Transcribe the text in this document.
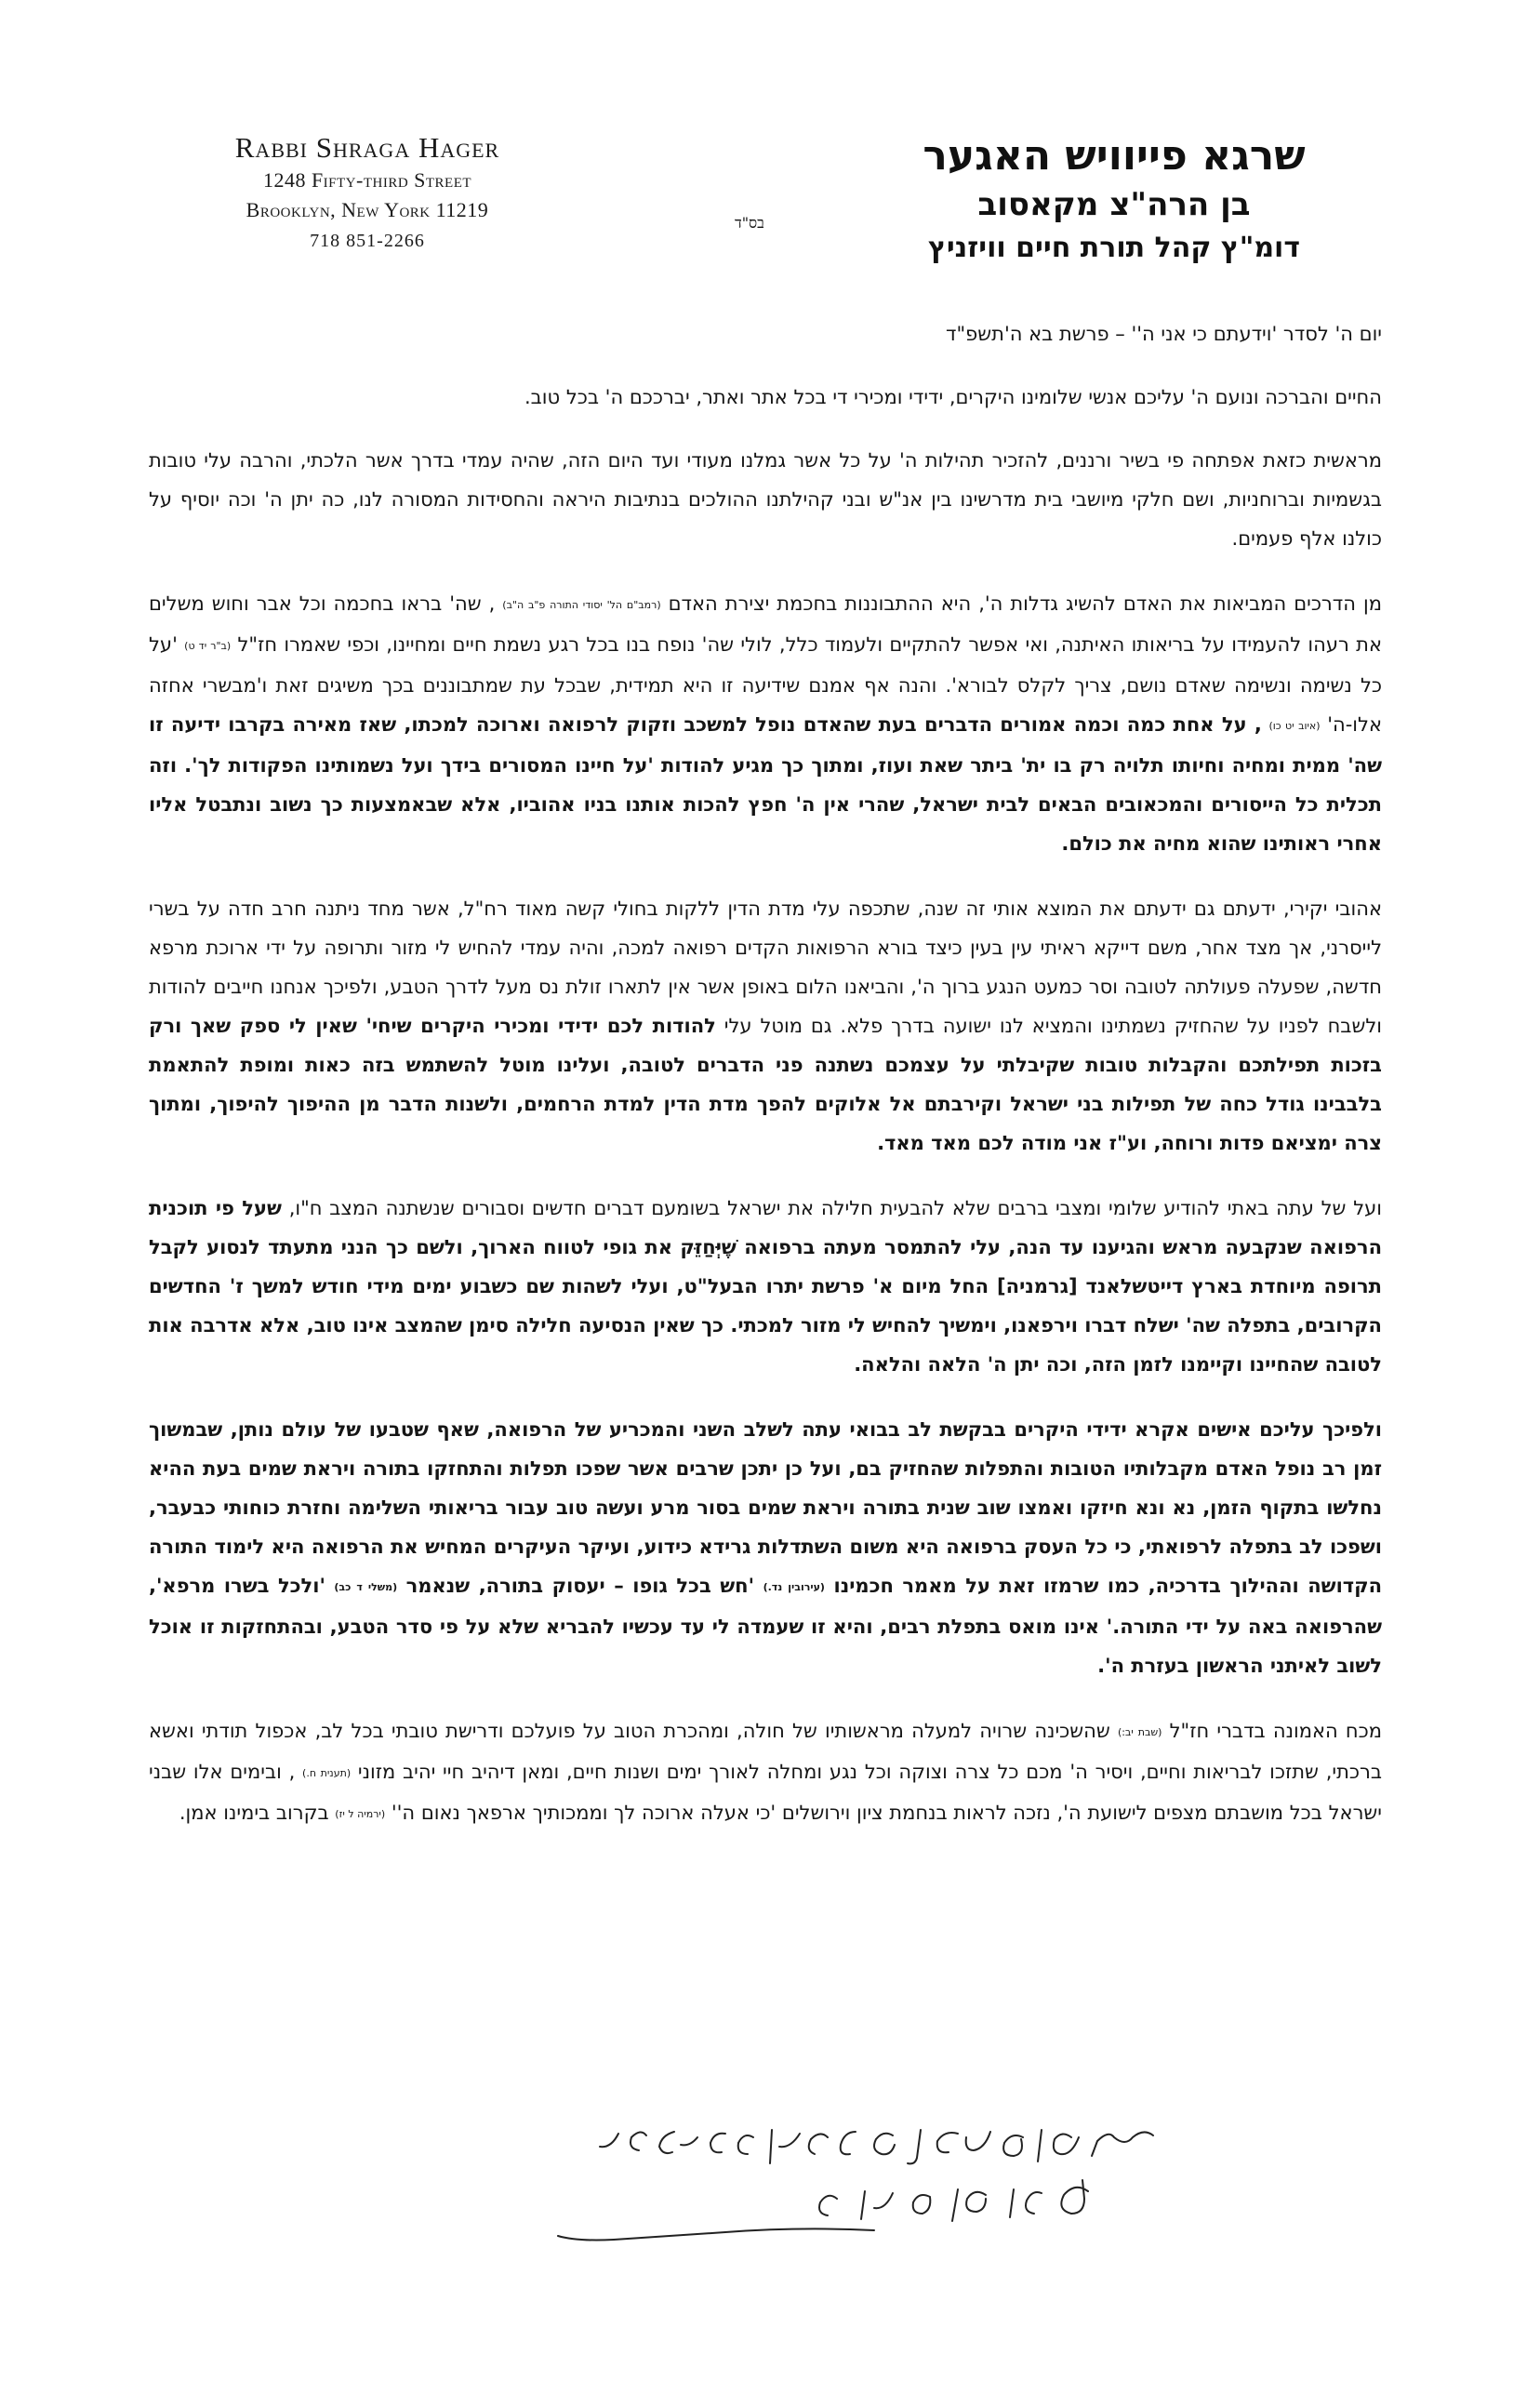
Rabbi Shraga Hager
1248 Fifty-third Street
Brooklyn, New York 11219
718 851-2266
בס"ד
שרגא פייוויש האגער
בן הרה"צ מקאסוב
דומ"ץ קהל תורת חיים וויזניץ

יום ה' לסדר 'וידעתם כי אני ה'' – פרשת בא ה'תשפ"ד

החיים והברכה ונועם ה' עליכם אנשי שלומינו היקרים, ידידי ומכירי די בכל אתר ואתר, יברככם ה' בכל טוב.

מראשית כזאת אפתחה פי בשיר ורננים, להזכיר תהילות ה' על כל אשר גמלנו מעודי ועד היום הזה, שהיה עמדי בדרך אשר הלכתי, והרבה עלי טובות בגשמיות וברוחניות, ושם חלקי מיושבי בית מדרשינו בין אנ"ש ובני קהילתנו ההולכים בנתיבות היראה והחסידות המסורה לנו, כה יתן ה' וכה יוסיף על כולנו אלף פעמים.

מן הדרכים המביאות את האדם להשיג גדלות ה', היא ההתבוננות בחכמת יצירת האדם (רמב"ם הל' יסודי התורה פ"ב ה"ב) , שה' בראו בחכמה וכל אבר וחוש משלים את רעהו להעמידו על בריאותו האיתנה, ואי אפשר להתקיים ולעמוד כלל, לולי שה' נופח בנו בכל רגע נשמת חיים ומחיינו, וכפי שאמרו חז"ל (ב"ר יד ט) 'על כל נשימה ונשימה שאדם נושם, צריך לקלס לבורא'. והנה אף אמנם שידיעה זו היא תמידית, שבכל עת שמתבוננים בכך משיגים זאת ו'מבשרי אחזה אלו-ה' (איוב יט כו) , על אחת כמה וכמה אמורים הדברים בעת שהאדם נופל למשכב וזקוק לרפואה וארוכה למכתו, שאז מאירה בקרבו ידיעה זו שה' ממית ומחיה וחיותו תלויה רק בו ית' ביתר שאת ועוז, ומתוך כך מגיע להודות 'על חיינו המסורים בידך ועל נשמותינו הפקודות לך'. וזה תכלית כל הייסורים והמכאובים הבאים לבית ישראל, שהרי אין ה' חפץ להכות אותנו בניו אהוביו, אלא שבאמצעות כך נשוב ונתבטל אליו אחרי ראותינו שהוא מחיה את כולם.

אהובי יקירי, ידעתם גם ידעתם את המוצא אותי זה שנה, שתכפה עלי מדת הדין ללקות בחולי קשה מאוד רח"ל, אשר מחד ניתנה חרב חדה על בשרי לייסרני, אך מצד אחר, משם דייקא ראיתי עין בעין כיצד בורא הרפואות הקדים רפואה למכה, והיה עמדי להחיש לי מזור ותרופה על ידי ארוכת מרפא חדשה, שפעלה פעולתה לטובה וסר כמעט הנגע ברוך ה', והביאנו הלום באופן אשר אין לתארו זולת נס מעל לדרך הטבע, ולפיכך אנחנו חייבים להודות ולשבח לפניו על שהחזיק נשמתינו והמציא לנו ישועה בדרך פלא. גם מוטל עלי להודות לכם ידידי ומכירי היקרים שיחי' שאין לי ספק שאך ורק בזכות תפילתכם והקבלות טובות שקיבלתי על עצמכם נשתנה פני הדברים לטובה, ועלינו מוטל להשתמש בזה כאות ומופת להתאמת בלבבינו גודל כחה של תפילות בני ישראל וקירבתם אל אלוקים להפך מדת הדין למדת הרחמים, ולשנות הדבר מן ההיפוך להיפוך, ומתוך צרה ימציאם פדות ורוחה, וע"ז אני מודה לכם מאד מאד.

ועל של עתה באתי להודיע שלומי ומצבי ברבים שלא להבעית חלילה את ישראל בשומעם דברים חדשים וסבורים שנשתנה המצב ח"ו, שעל פי תוכנית הרפואה שנקבעה מראש והגיענו עד הנה, עלי להתמסר מעתה ברפואה שֶׁיְּחַזֵּק את גופי לטווח הארוך, ולשם כך הנני מתעתד לנסוע לקבל תרופה מיוחדת בארץ דייטשלאנד [גרמניה] החל מיום א' פרשת יתרו הבעל"ט, ועלי לשהות שם כשבוע ימים מידי חודש למשך ז' החדשים הקרובים, בתפלה שה' ישלח דברו וירפאנו, וימשיך להחיש לי מזור למכתי. כך שאין הנסיעה חלילה סימן שהמצב אינו טוב, אלא אדרבה אות לטובה שהחיינו וקיימנו לזמן הזה, וכה יתן ה' הלאה והלאה.

ולפיכך עליכם אישים אקרא ידידי היקרים בבקשת לב בבואי עתה לשלב השני והמכריע של הרפואה, שאף שטבעו של עולם נותן, שבמשוך זמן רב נופל האדם מקבלותיו הטובות והתפלות שהחזיק בם, ועל כן יתכן שרבים אשר שפכו תפלות והתחזקו בתורה ויראת שמים בעת ההיא נחלשו בתקוף הזמן, נא ונא חיזקו ואמצו שוב שנית בתורה ויראת שמים בסור מרע ועשה טוב עבור בריאותי השלימה וחזרת כוחותי כבעבר, ושפכו לב בתפלה לרפואתי, כי כל העסק ברפואה היא משום השתדלות גרידא כידוע, ועיקר העיקרים המחיש את הרפואה היא לימוד התורה הקדושה וההילוך בדרכיה, כמו שרמזו זאת על מאמר חכמינו (עירובין נד.) 'חש בכל גופו – יעסוק בתורה, שנאמר (משלי ד כב) 'ולכל בשרו מרפא', שהרפואה באה על ידי התורה.' אינו מואס בתפלת רבים, והיא זו שעמדה לי עד עכשיו להבריא שלא על פי סדר הטבע, ובהתחזקות זו אוכל לשוב לאיתני הראשון בעזרת ה'.

מכח האמונה בדברי חז"ל (שבת יב:) שהשכינה שרויה למעלה מראשותיו של חולה, ומהכרת הטוב על פועלכם ודרישת טובתי בכל לב, אכפול תודתי ואשא ברכתי, שתזכו לבריאות וחיים, ויסיר ה' מכם כל צרה וצוקה וכל נגע ומחלה לאורך ימים ושנות חיים, ומאן דיהיב חיי יהיב מזוני (תענית ח.) , ובימים אלו שבני ישראל בכל מושבתם מצפים לישועת ה', נזכה לראות בנחמת ציון וירושלים 'כי אעלה ארוכה לך וממכותיך ארפאך נאום ה'' (ירמיה ל יז) בקרוב בימינו אמן.
